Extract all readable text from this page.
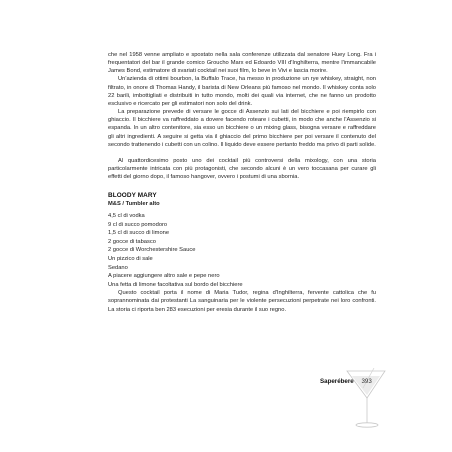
che nel 1958 venne ampliato e spostato nella sala conferenze utilizzata dal senatore Huey Long. Fra i frequentatori del bar il grande comico Groucho Marx ed Edoardo VIII d'Inghilterra, mentre l'immancabile James Bond, estimatore di svariati cocktail nei suoi film, lo beve in Vivi e lascia morire.

Un'azienda di ottimi bourbon, la Buffalo Trace, ha messo in produzione un rye whiskey, straight, non filtrato, in onore di Thomas Handy, il barista di New Orleans più famoso nel mondo. Il whiskey conta solo 22 barili, imbottigliati e distribuiti in tutto mondo, molti dei quali via internet, che ne fanno un prodotto esclusivo e ricercato per gli estimatori non solo del drink.

La preparazione prevede di versare le gocce di Assenzio sui lati del bicchiere e poi riempirlo con ghiaccio. Il bicchiere va raffreddato a dovere facendo roteare i cubetti, in modo che anche l'Assenzio si espanda. In un altro contenitore, sia esso un bicchiere o un mixing glass, bisogna versare e raffreddare gli altri ingredienti. A seguire si getta via il ghiaccio del primo bicchiere per poi versare il contenuto del secondo trattenendo i cubetti con un colino. Il liquido deve essere pertanto freddo ma privo di parti solide.

Al quattordicesimo posto uno dei cocktail più controversi della mixology, con una storia particolarmente intricata con più protagonisti, che secondo alcuni è un vero toccasana per curare gli effetti del giorno dopo, il famoso hangover, ovvero i postumi di una sbornia.

BLOODY MARY
M&S / Tumbler alto
4,5 cl di vodka
9 cl di succo pomodoro
1,5 cl di succo di limone
2 gocce di tabasco
2 gocce di Worchestershire Sauce
Un pizzico di sale
Sedano
A piacere aggiungere altro sale e pepe nero
Una fetta di limone facoltativa sul bordo del bicchiere

Questo cocktail porta il nome di Maria Tudor, regina d'Inghilterra, fervente cattolica che fu soprannominata dai protestanti La sanguinaria per le violente persecuzioni perpetrate nei loro confronti. La storia ci riporta ben 283 esecuzioni per eresia durante il suo regno.

Saperébere 393
